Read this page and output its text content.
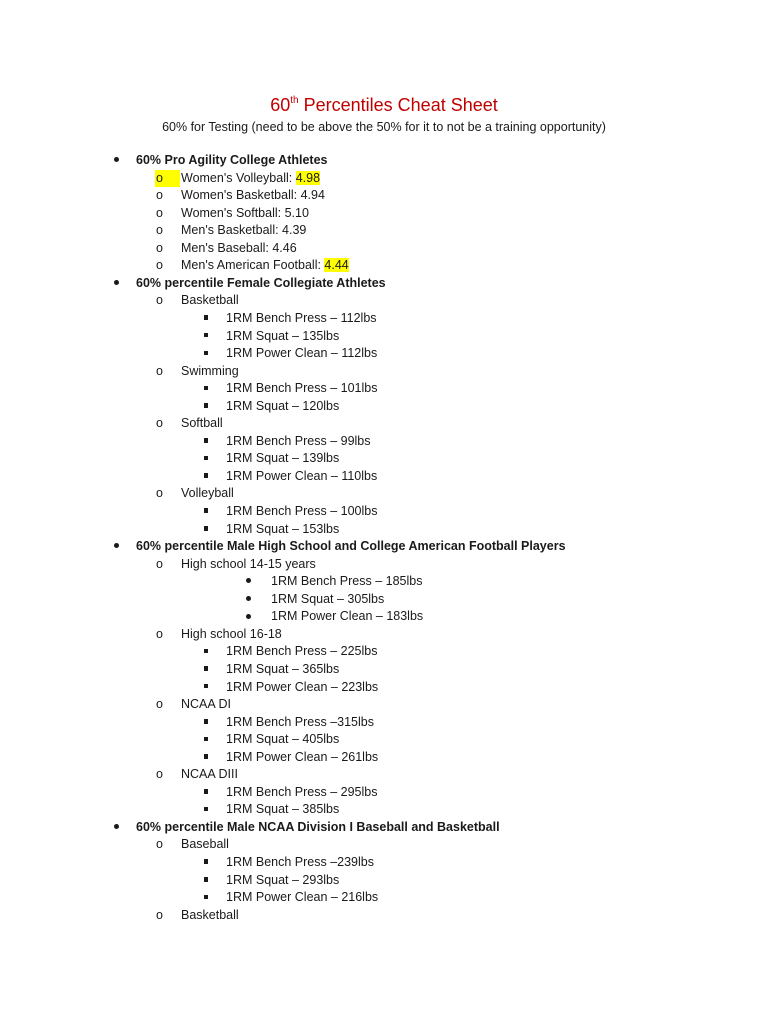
60th Percentiles Cheat Sheet
60% for Testing (need to be above the 50% for it to not be a training opportunity)
60% Pro Agility College Athletes
o	Women's Volleyball: 4.98
o	Women's Basketball: 4.94
o	Women's Softball: 5.10
o	Men's Basketball: 4.39
o	Men's Baseball: 4.46
o	Men's American Football: 4.44
60% percentile Female Collegiate Athletes
o	Basketball
1RM Bench Press – 112lbs
1RM Squat – 135lbs
1RM Power Clean – 112lbs
o	Swimming
1RM Bench Press – 101lbs
1RM Squat – 120lbs
o	Softball
1RM Bench Press – 99lbs
1RM Squat – 139lbs
1RM Power Clean – 110lbs
o	Volleyball
1RM Bench Press – 100lbs
1RM Squat – 153lbs
60% percentile Male High School and College American Football Players
o	High school 14-15 years
1RM Bench Press – 185lbs
1RM Squat – 305lbs
1RM Power Clean – 183lbs
o	High school 16-18
1RM Bench Press – 225lbs
1RM Squat – 365lbs
1RM Power Clean – 223lbs
o	NCAA DI
1RM Bench Press –315lbs
1RM Squat – 405lbs
1RM Power Clean – 261lbs
o	NCAA DIII
1RM Bench Press – 295lbs
1RM Squat – 385lbs
60% percentile Male NCAA Division I Baseball and Basketball
o	Baseball
1RM Bench Press –239lbs
1RM Squat – 293lbs
1RM Power Clean – 216lbs
o	Basketball
